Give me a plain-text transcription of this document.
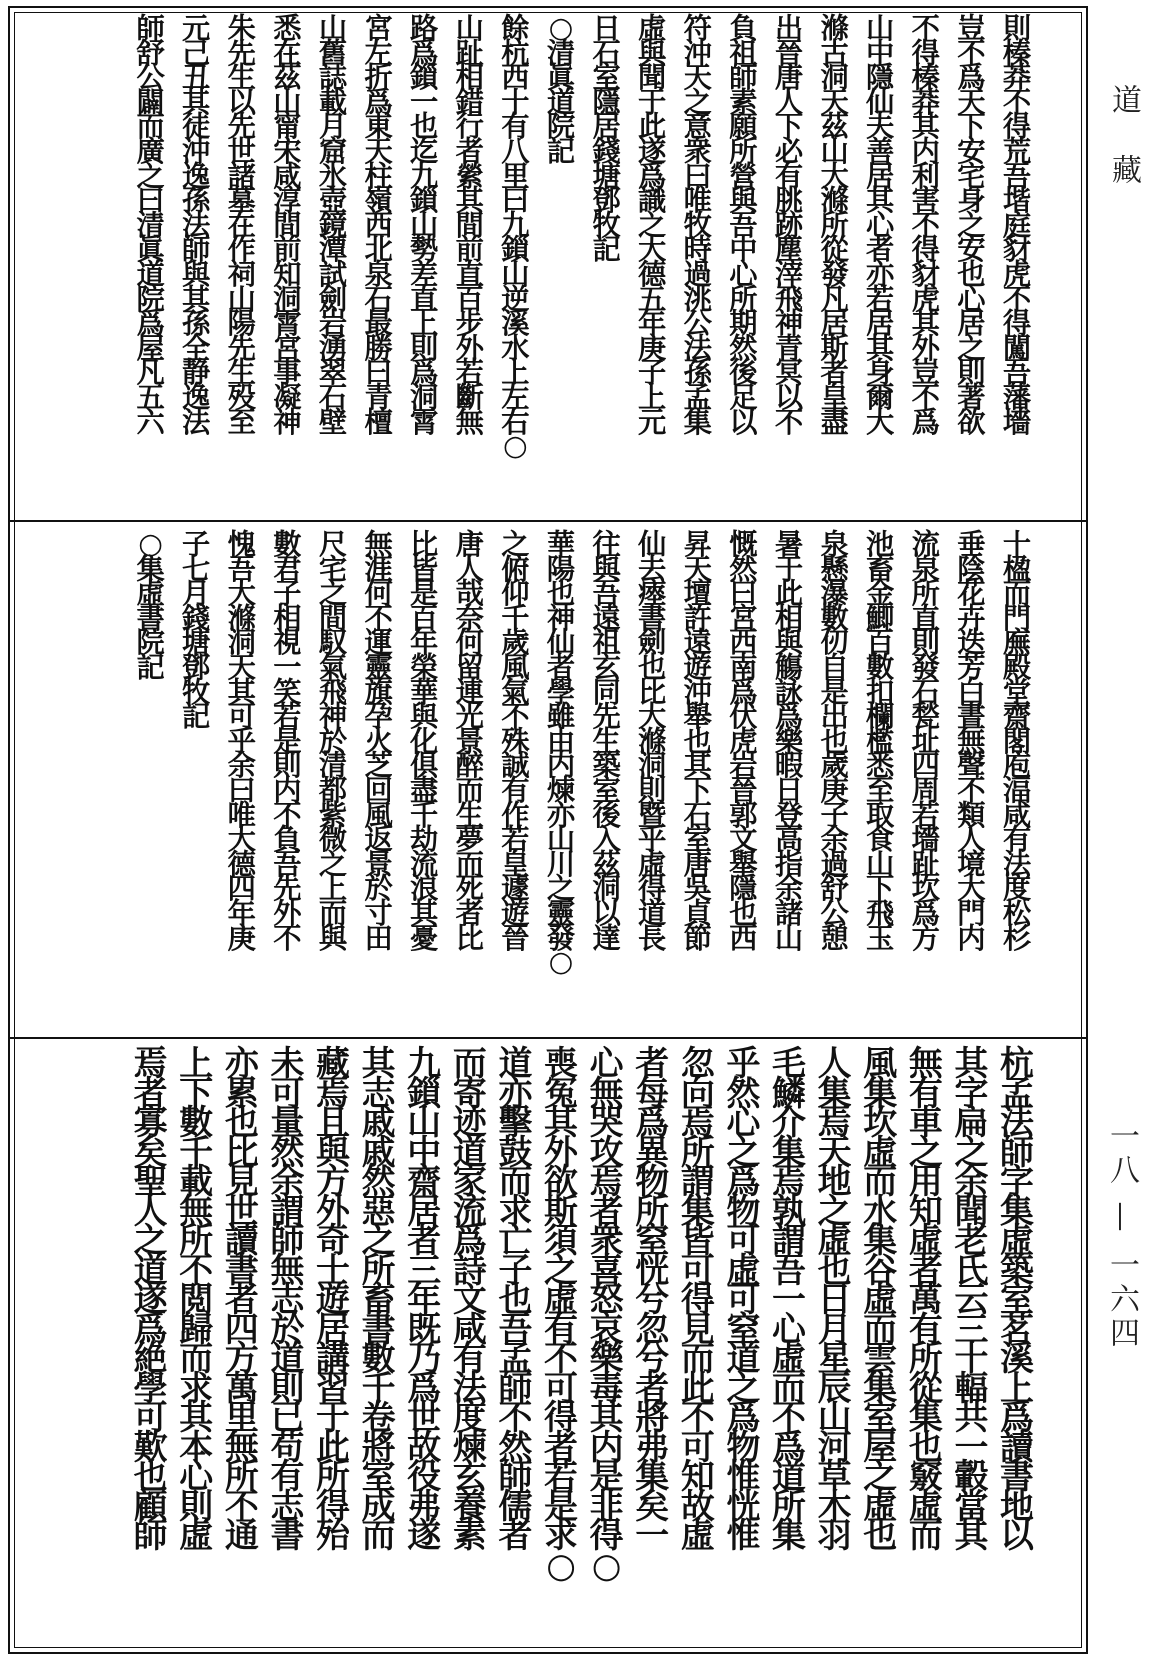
道藏
一八 — 一六四
則
榛
莽
不
得
荒
吾
堦
庭
豺
虎
不
得
闖
吾
藩
墻
豈
不
爲
天
下
安
宅
身
之
安
也
心
居
之
則
著
欲
不
得
榛
莽
其
内
利
害
不
得
豺
虎
其
外
豈
不
爲
山
中
隱
仙
夫
善
居
其
心
者
亦
若
居
其
身
爾
大
滌
古
洞
天
茲
山
大
滌
所
從
發
凡
居
斯
者
皇
盡
出
晉
唐
人
下
必
有
朓
跡
塵
滓
飛
神
青
冥
以
不
負
祖
師
素
願
所
營
與
吾
中
心
所
期
然
後
足
以
符
沖
天
之
意
衆
曰
唯
牧
時
過
洮
公
法
孫
孟
集
虛
與
聞
于
此
遂
爲
識
之
大
德
五
年
庚
子
上
元
日
石
室
隱
居
錢
塘
鄧
牧
記
○
清
眞
道
院
記
餘
杭
西
十
有
八
里
曰
九
鎻
山
逆
溪
水
上
左
右
○
山
趾
相
錯
行
者
縈
其
間
前
直
百
步
外
若
斷
無
路
爲
鎻
一
也
迄
九
鎻
山
勢
差
直
上
則
爲
洞
霄
宮
左
折
爲
東
天
柱
嶺
西
北
泉
石
最
勝
曰
青
檀
山
舊
誌
載
月
窟
氷
壺
鏡
潭
試
劍
岩
湧
翠
石
壁
悉
在
茲
山
甯
宋
咸
淳
間
前
知
洞
霄
宮
事
凝
神
朱
先
生
以
先
世
諸
墓
在
作
祠
山
陽
先
生
殁
至
元
己
丑
其
徒
沖
逸
孫
法
師
與
其
孫
全
静
逸
法
師
舒
公
闢
而
廣
之
曰
清
眞
道
院
爲
屋
凡
五
六
十
楹
而
門
廡
殿
堂
齋
閣
庖
湢
咸
有
法
度
松
杉
垂
陰
花
卉
迭
芳
白
晝
無
聲
不
類
人
境
大
門
内
流
泉
所
直
則
發
石
甃
址
四
周
若
墻
趾
坎
爲
方
池
畜
金
鯽
百
數
扣
欄
檻
悉
至
取
食
山
下
飛
玉
泉
懸
瀑
數
仞
自
是
出
也
歲
庚
子
余
過
舒
公
憩
暑
于
此
相
與
觴
詠
爲
樂
暇
日
登
高
指
余
諸
山
慨
然
曰
宮
西
南
爲
伏
虎
岩
晉
郭
文
舉
隱
也
西
昇
天
壇
許
遠
遊
沖
舉
也
其
下
石
室
唐
吳
貞
節
仙
去
瘞
書
劍
也
比
大
滌
洞
則
暨
乎
虛
得
道
長
往
與
吾
遠
祖
玄
同
先
生
築
室
後
入
茲
洞
以
達
華
陽
也
神
仙
者
學
雖
由
内
煉
亦
山
川
之
靈
發
○
之
俯
仰
千
歲
風
氣
不
殊
誠
有
作
若
皇
遽
遊
晉
唐
人
哉
奈
何
留
連
光
景
醉
而
生
夢
而
死
者
比
比
皆
是
百
年
榮
華
與
化
俱
盡
千
劫
流
浪
其
憂
無
涯
何
不
運
靈
旗
孕
火
芝
回
風
返
景
於
寸
田
尺
宅
之
間
馭
氣
飛
神
於
清
都
紫
微
之
上
而
與
數
君
子
相
視
一
笑
若
是
則
内
不
負
吾
先
外
不
愧
吾
大
滌
洞
天
其
可
乎
余
曰
唯
大
德
四
年
庚
子
七
月
錢
塘
鄧
牧
記
○
集
虛
書
院
記
杭
孟
法
師
字
集
虛
築
室
茗
溪
上
爲
讀
書
地
以
其
字
扁
之
余
聞
老
氏
云
三
十
輻
共
一
轂
當
其
無
有
車
之
用
知
虛
者
萬
有
所
從
集
也
竅
虛
而
風
集
坎
虛
而
水
集
谷
虛
而
雲
集
室
屋
之
虛
也
人
集
焉
天
地
之
虛
也
日
月
星
辰
山
河
草
木
羽
毛
鱗
介
集
焉
孰
謂
吾
一
心
虛
而
不
爲
道
所
集
乎
然
心
之
爲
物
可
虛
可
窒
道
之
爲
物
惟
恍
惟
忽
向
焉
所
謂
集
皆
可
得
見
而
此
不
可
知
故
虛
者
每
爲
異
物
所
窒
恍
兮
忽
兮
者
將
弗
集
矣
一
心
無
哭
攻
焉
者
衆
喜
怒
哀
樂
毒
其
内
是
非
得
○
喪
冤
其
外
欲
斯
須
之
虛
有
不
可
得
者
若
是
求
○
道
亦
擊
鼓
而
求
亡
子
也
吾
孟
師
不
然
師
儒
者
而
寄
迹
道
家
流
爲
詩
文
咸
有
法
度
煉
玄
養
素
九
鎻
山
中
齋
居
者
三
年
既
乃
爲
世
故
役
弗
遂
其
志
戚
戚
然
惡
之
所
畜
書
數
千
卷
將
室
成
而
藏
焉
且
與
方
外
奇
士
遊
居
講
習
于
此
所
得
殆
未
可
量
然
余
謂
師
無
志
於
道
則
已
苟
有
志
書
亦
累
也
比
見
世
讀
書
者
四
方
萬
里
無
所
不
通
上
下
數
千
載
無
所
不
閲
歸
而
求
其
本
心
則
虛
焉
者
寡
矣
聖
人
之
道
遂
爲
絶
學
可
歎
也
顧
師
